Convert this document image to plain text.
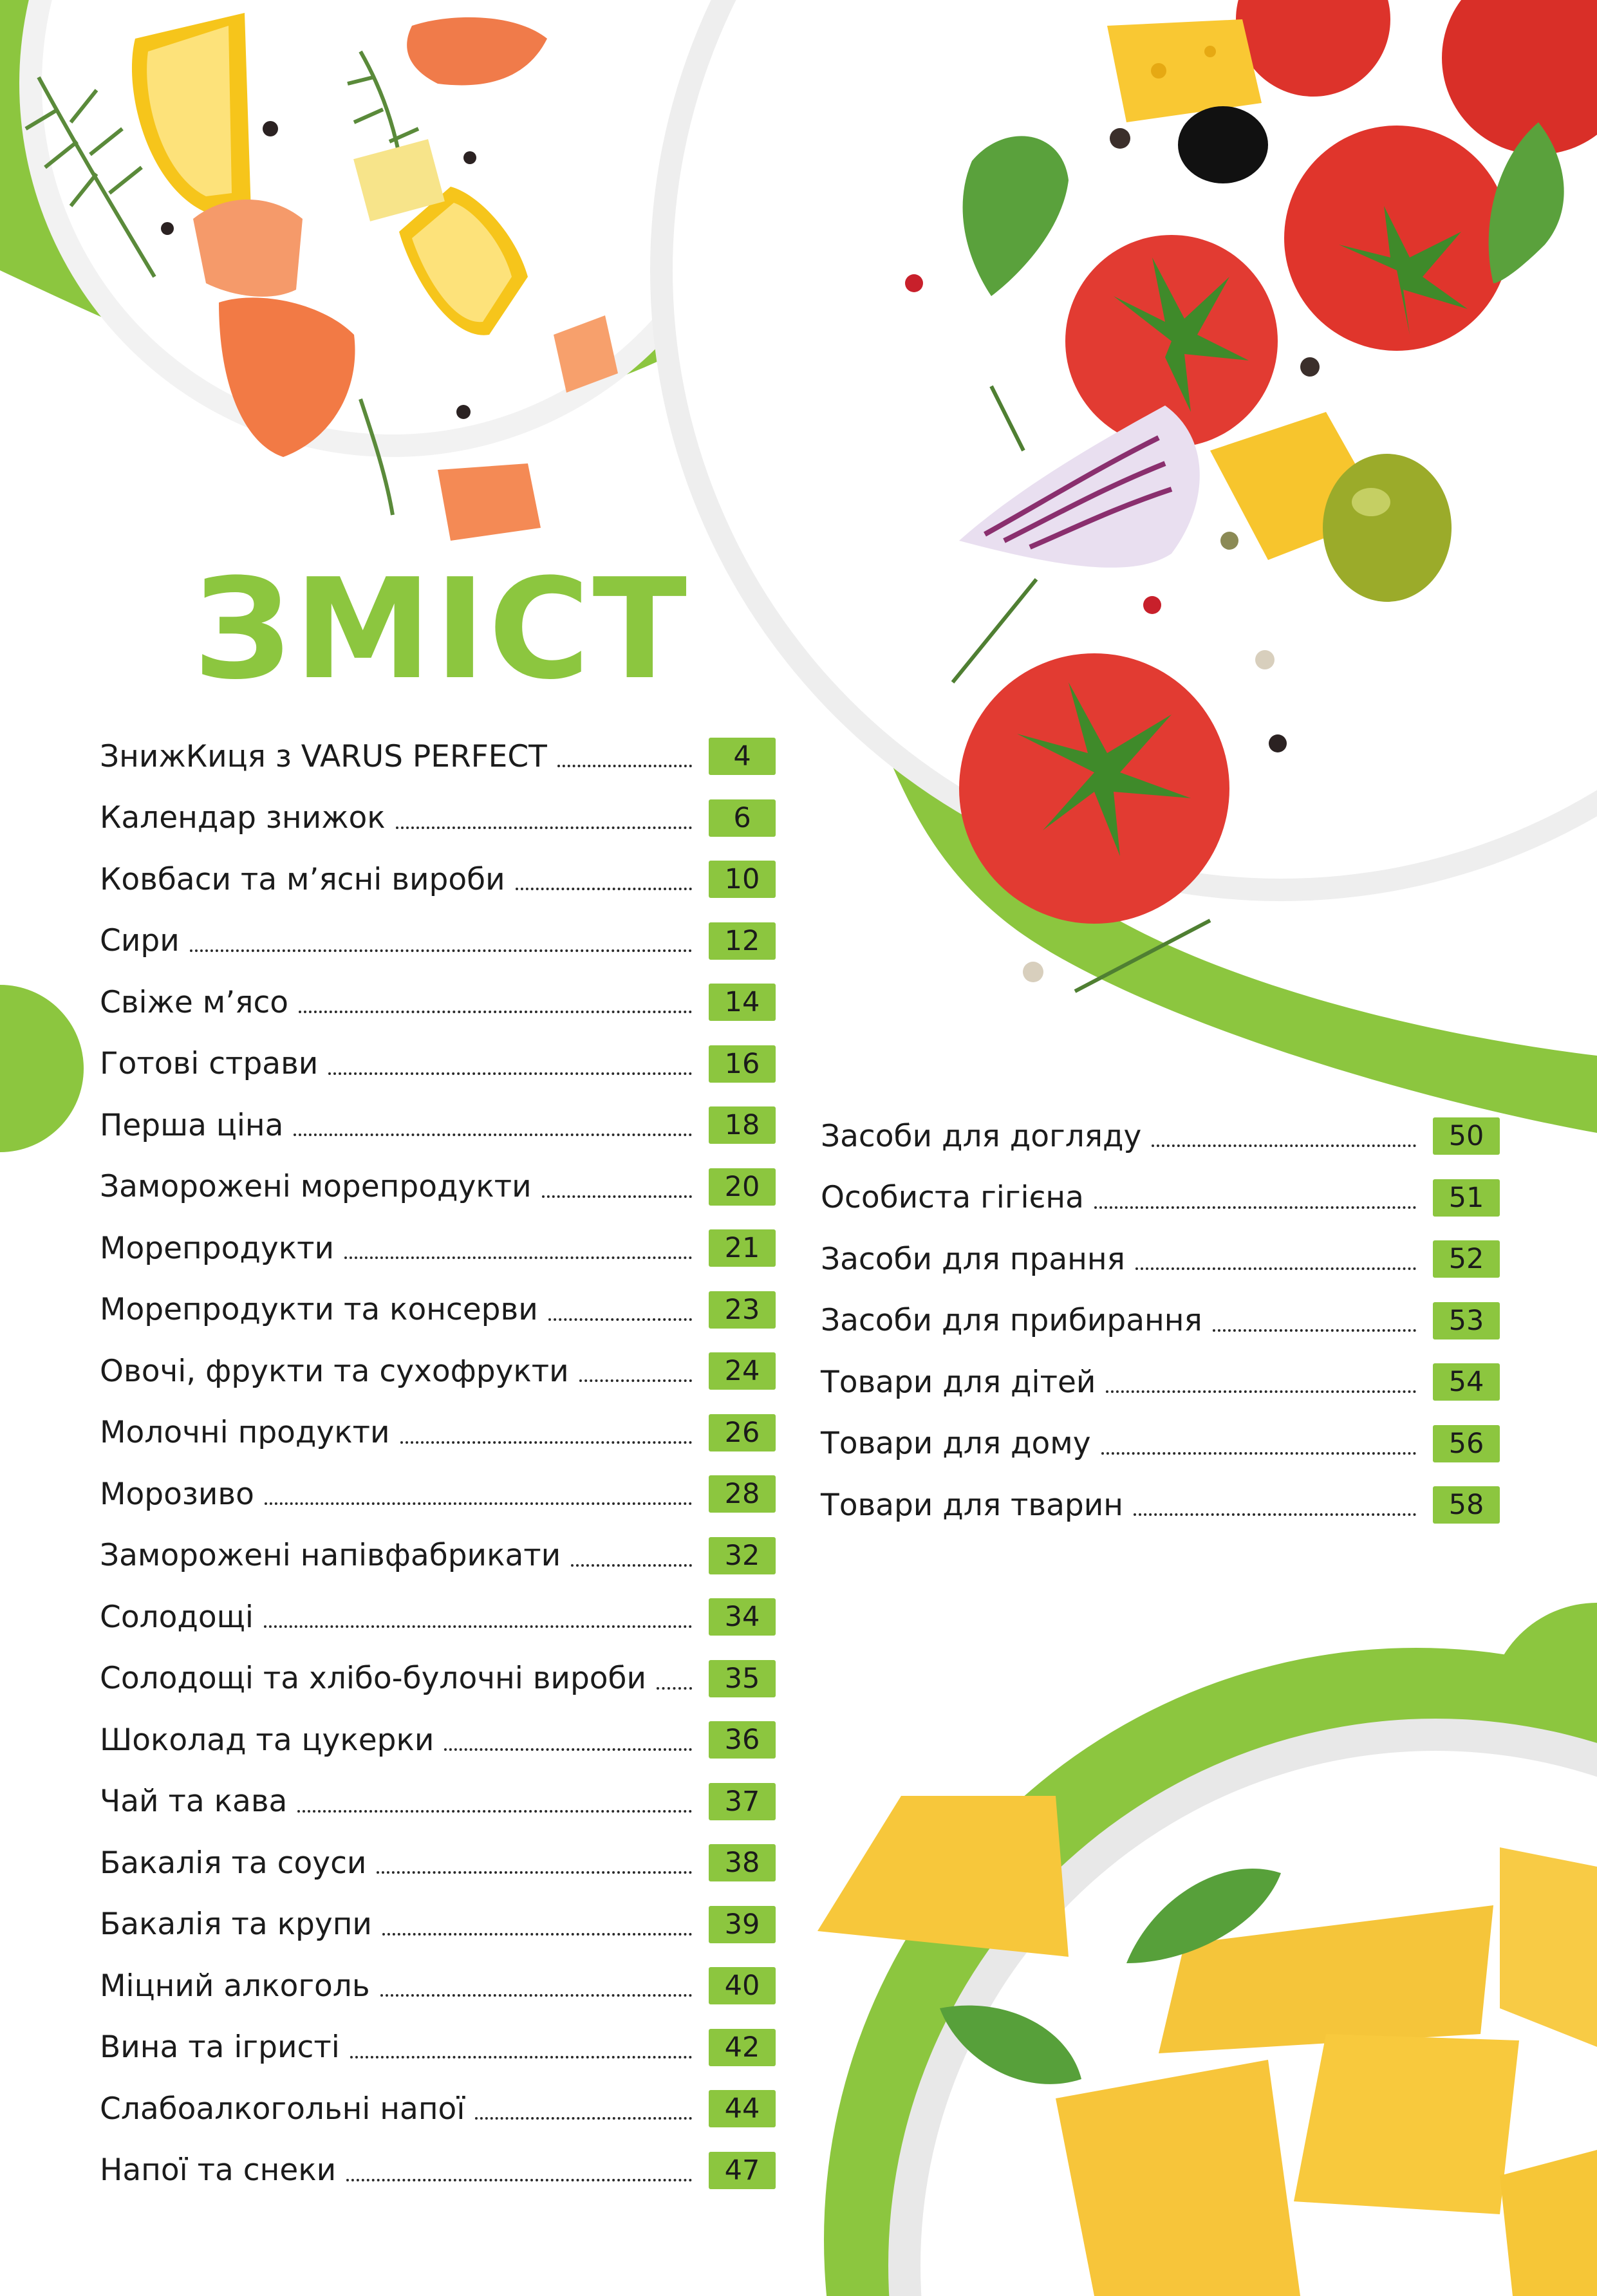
ЗМІСТ
ЗнижКиця з VARUS PERFECT	4
Календар знижок	6
Ковбаси та м’ясні вироби	10
Сири	12
Свіже м’ясо	14
Готові страви	16
Перша ціна	18
Заморожені морепродукти	20
Морепродукти	21
Морепродукти та консерви	23
Овочі, фрукти та сухофрукти	24
Молочні продукти	26
Морозиво	28
Заморожені напівфабрикати	32
Солодощі	34
Солодощі та хлібо-булочні вироби	35
Шоколад та цукерки	36
Чай та кава	37
Бакалія та соуси	38
Бакалія та крупи	39
Міцний алкоголь	40
Вина та ігристі	42
Слабоалкогольні напої	44
Напої та снеки	47
Засоби для догляду	50
Особиста гігієна	51
Засоби для прання	52
Засоби для прибирання	53
Товари для дітей	54
Товари для дому	56
Товари для тварин	58
